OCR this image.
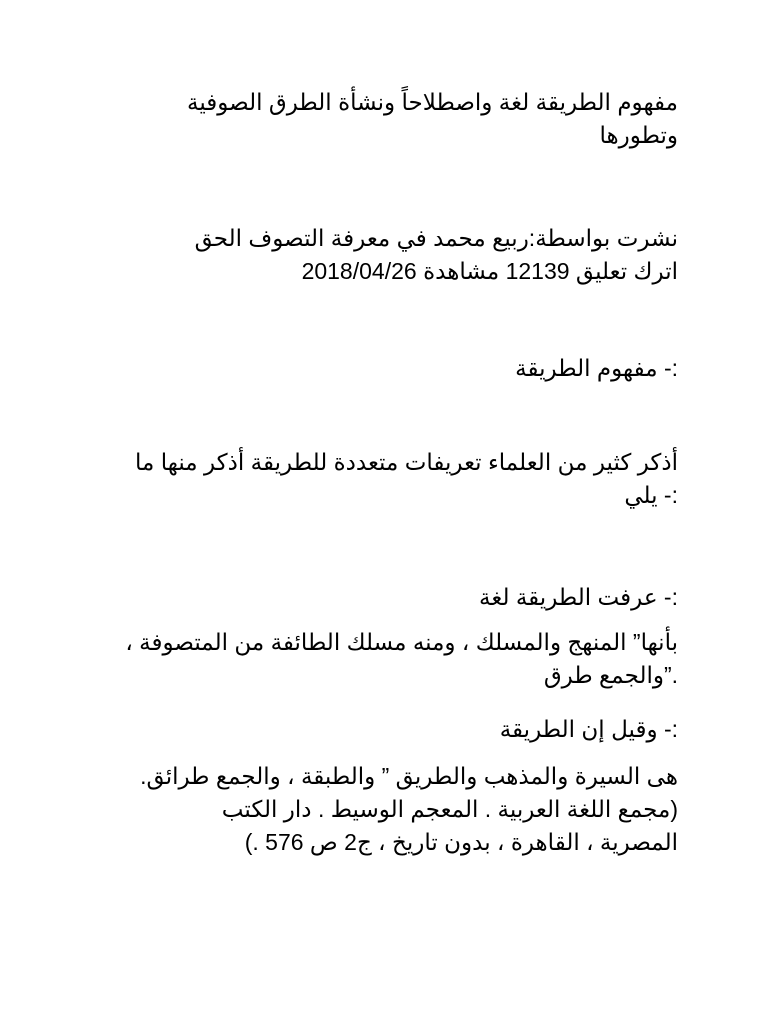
مفهوم الطريقة لغة واصطلاحاً ونشأة الطرق الصوفية
وتطورها
نشرت بواسطة:ربيع محمد في معرفة التصوف الحق
اترك تعليق 12139 مشاهدة 2018/04/26
:- مفهوم الطريقة
أذكر كثير من العلماء تعريفات متعددة للطريقة أذكر منها ما
:- يلي
:- عرفت الطريقة لغة
بأنها” المنهج والمسلك ، ومنه مسلك الطائفة من المتصوفة ،
.”والجمع طرق
:- وقيل إن الطريقة
هى السيرة والمذهب والطريق ” والطبقة ، والجمع طرائق.
(مجمع اللغة العربية . المعجم الوسيط . دار الكتب
المصرية ، القاهرة ، بدون تاريخ ، ج2 ص 576 .)
